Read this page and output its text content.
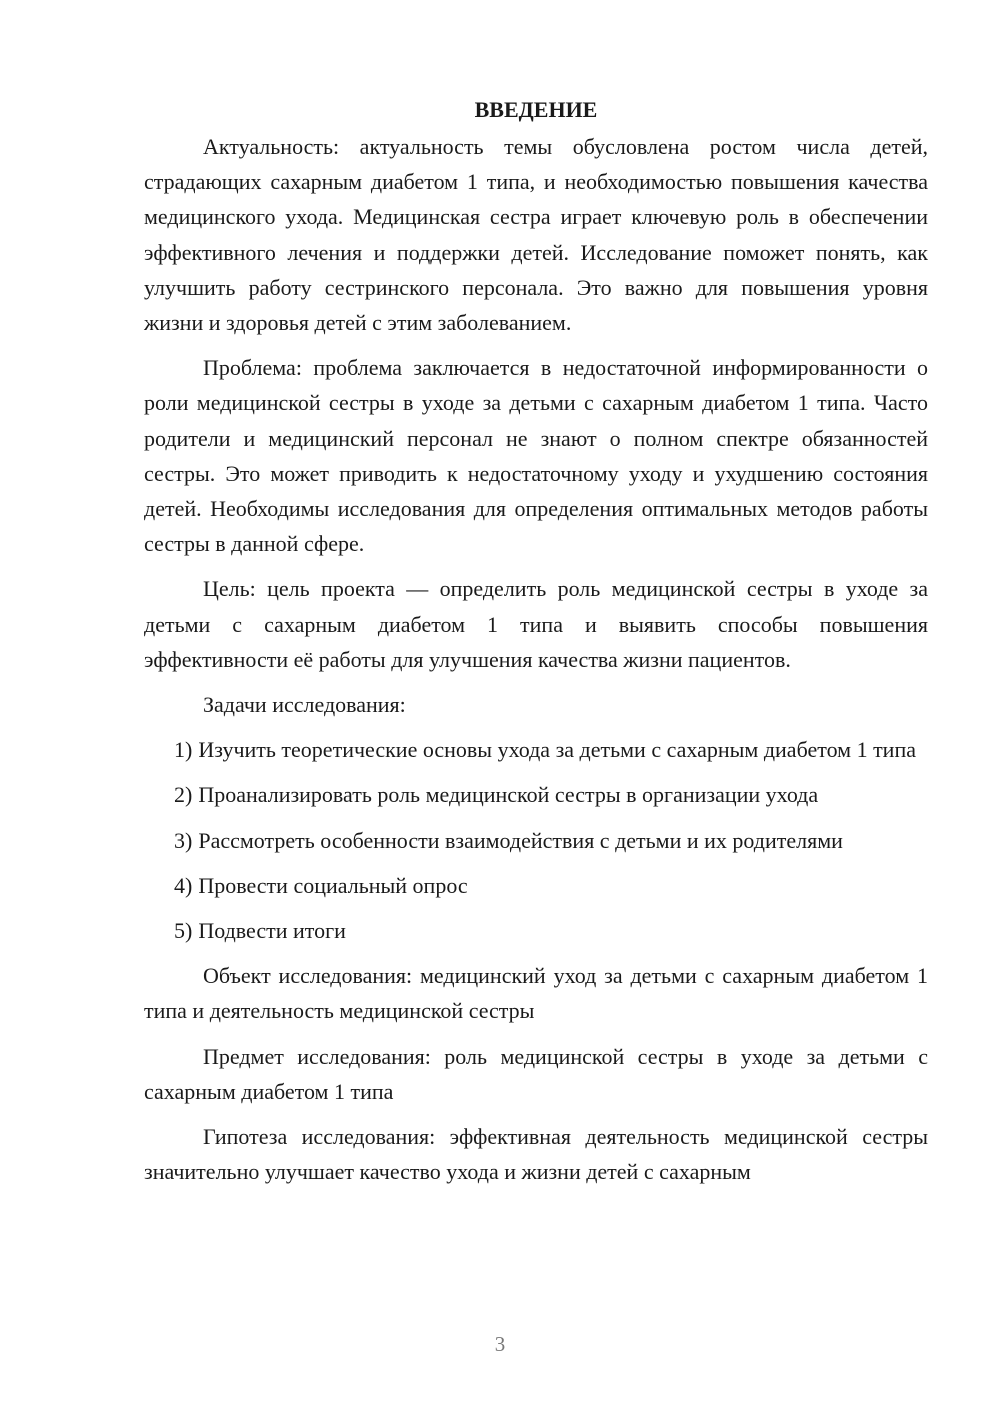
ВВЕДЕНИЕ

Актуальность: актуальность темы обусловлена ростом числа детей, страдающих сахарным диабетом 1 типа, и необходимостью повышения качества медицинского ухода. Медицинская сестра играет ключевую роль в обеспечении эффективного лечения и поддержки детей. Исследование поможет понять, как улучшить работу сестринского персонала. Это важно для повышения уровня жизни и здоровья детей с этим заболеванием.

Проблема: проблема заключается в недостаточной информированности о роли медицинской сестры в уходе за детьми с сахарным диабетом 1 типа. Часто родители и медицинский персонал не знают о полном спектре обязанностей сестры. Это может приводить к недостаточному уходу и ухудшению состояния детей. Необходимы исследования для определения оптимальных методов работы сестры в данной сфере.

Цель: цель проекта — определить роль медицинской сестры в уходе за детьми с сахарным диабетом 1 типа и выявить способы повышения эффективности её работы для улучшения качества жизни пациентов.

Задачи исследования:

1) Изучить теоретические основы ухода за детьми с сахарным диабетом 1 типа

2) Проанализировать роль медицинской сестры в организации ухода

3) Рассмотреть особенности взаимодействия с детьми и их родителями

4) Провести социальный опрос

5) Подвести итоги

Объект исследования: медицинский уход за детьми с сахарным диабетом 1 типа и деятельность медицинской сестры

Предмет исследования: роль медицинской сестры в уходе за детьми с сахарным диабетом 1 типа

Гипотеза исследования: эффективная деятельность медицинской сестры значительно улучшает качество ухода и жизни детей с сахарным

3
